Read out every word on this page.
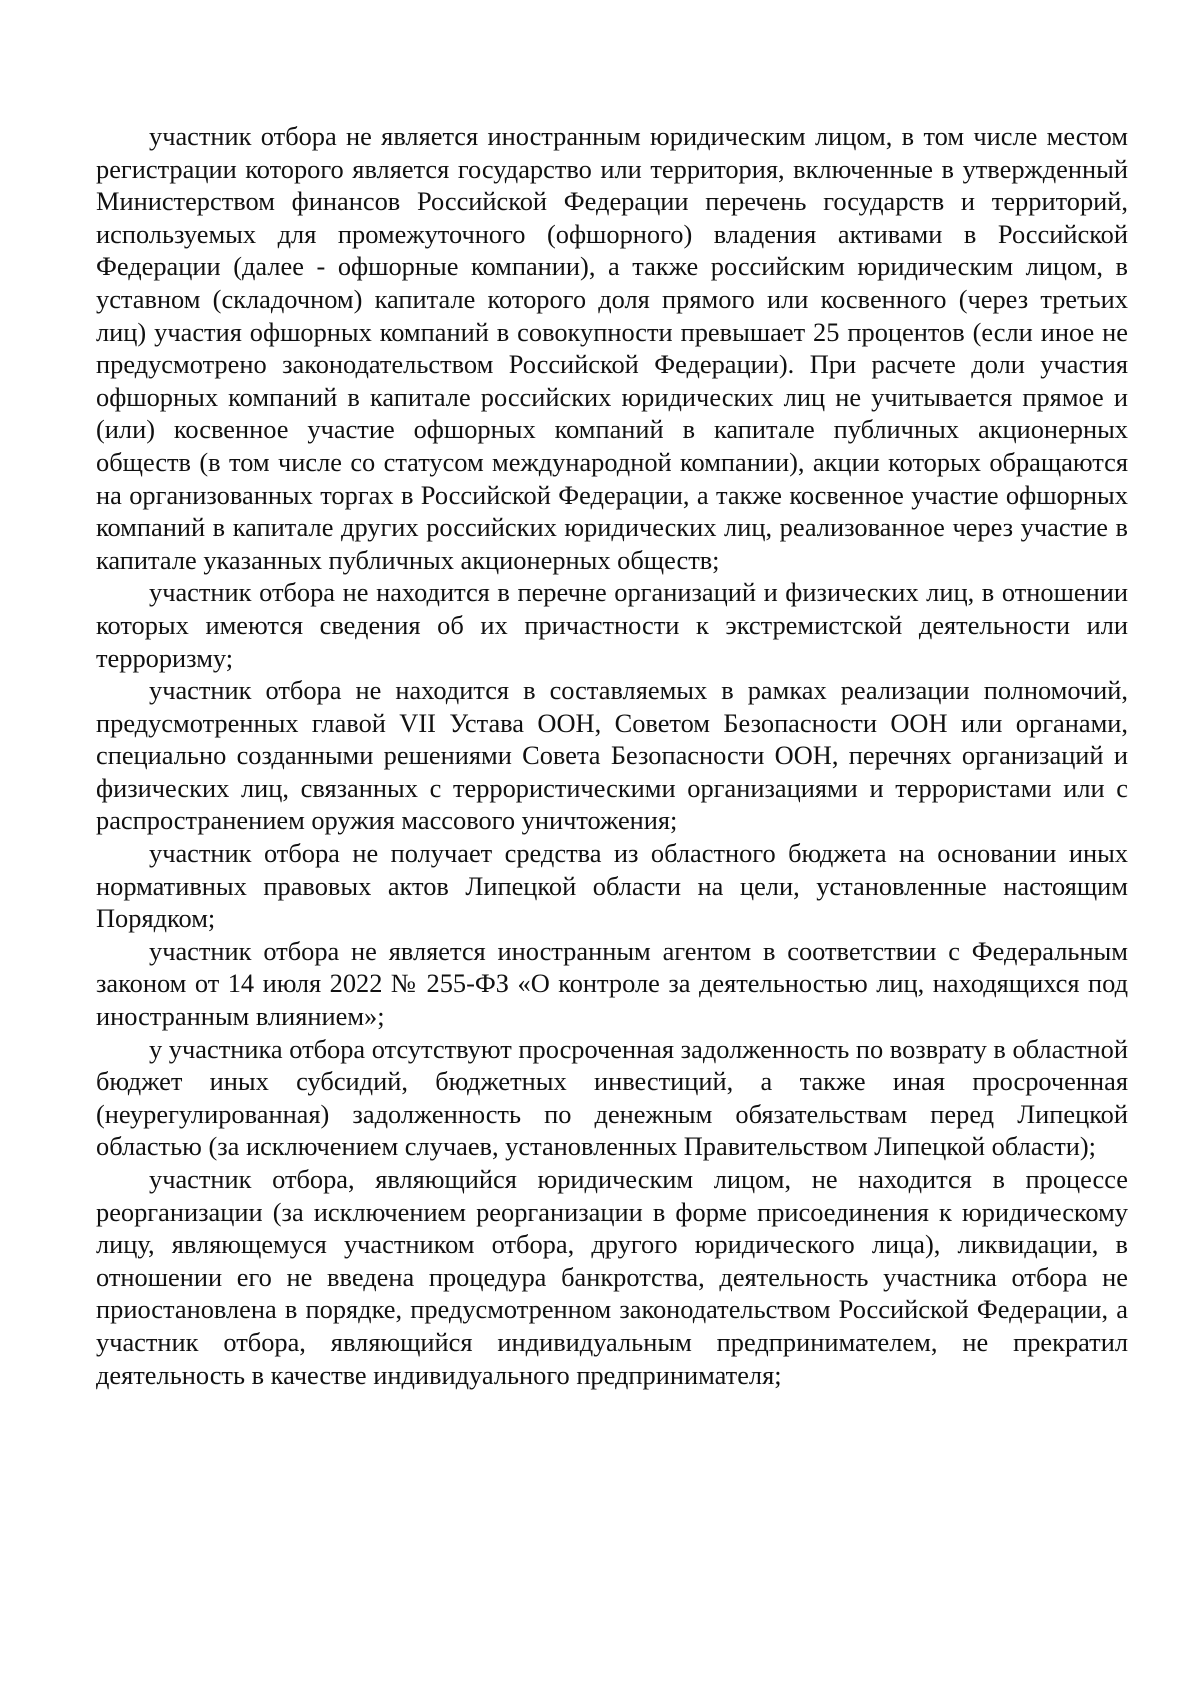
участник отбора не является иностранным юридическим лицом, в том числе местом регистрации которого является государство или территория, включенные в утвержденный Министерством финансов Российской Федерации перечень государств и территорий, используемых для промежуточного (офшорного) владения активами в Российской Федерации (далее - офшорные компании), а также российским юридическим лицом, в уставном (складочном) капитале которого доля прямого или косвенного (через третьих лиц) участия офшорных компаний в совокупности превышает 25 процентов (если иное не предусмотрено законодательством Российской Федерации). При расчете доли участия офшорных компаний в капитале российских юридических лиц не учитывается прямое и (или) косвенное участие офшорных компаний в капитале публичных акционерных обществ (в том числе со статусом международной компании), акции которых обращаются на организованных торгах в Российской Федерации, а также косвенное участие офшорных компаний в капитале других российских юридических лиц, реализованное через участие в капитале указанных публичных акционерных обществ;

участник отбора не находится в перечне организаций и физических лиц, в отношении которых имеются сведения об их причастности к экстремистской деятельности или терроризму;

участник отбора не находится в составляемых в рамках реализации полномочий, предусмотренных главой VII Устава ООН, Советом Безопасности ООН или органами, специально созданными решениями Совета Безопасности ООН, перечнях организаций и физических лиц, связанных с террористическими организациями и террористами или с распространением оружия массового уничтожения;

участник отбора не получает средства из областного бюджета на основании иных нормативных правовых актов Липецкой области на цели, установленные настоящим Порядком;

участник отбора не является иностранным агентом в соответствии с Федеральным законом от 14 июля 2022 № 255-ФЗ «О контроле за деятельностью лиц, находящихся под иностранным влиянием»;

у участника отбора отсутствуют просроченная задолженность по возврату в областной бюджет иных субсидий, бюджетных инвестиций, а также иная просроченная (неурегулированная) задолженность по денежным обязательствам перед Липецкой областью (за исключением случаев, установленных Правительством Липецкой области);

участник отбора, являющийся юридическим лицом, не находится в процессе реорганизации (за исключением реорганизации в форме присоединения к юридическому лицу, являющемуся участником отбора, другого юридического лица), ликвидации, в отношении его не введена процедура банкротства, деятельность участника отбора не приостановлена в порядке, предусмотренном законодательством Российской Федерации, а участник отбора, являющийся индивидуальным предпринимателем, не прекратил деятельность в качестве индивидуального предпринимателя;
